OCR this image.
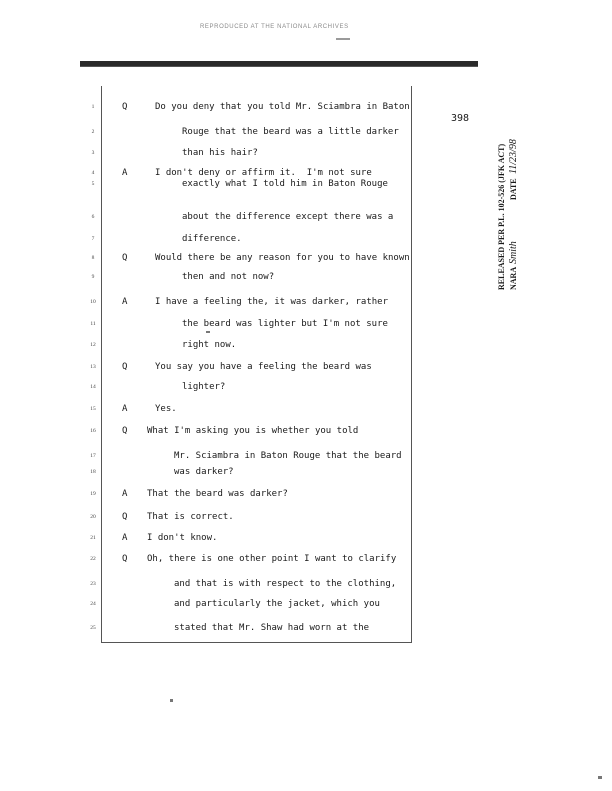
REPRODUCED AT THE NATIONAL ARCHIVES
398
1	Q	Do you deny that you told Mr. Sciambra in Baton
2	Rouge that the beard was a little darker
3	than his hair?
4	A	I don't deny or affirm it.  I'm not sure
5	exactly what I told him in Baton Rouge
6	about the difference except there was a
7	difference.
8	Q	Would there be any reason for you to have known
9	then and not now?
10	A	I have a feeling the, it was darker, rather
11	the beard was lighter but I'm not sure
12	right now.
13	Q	You say you have a feeling the beard was
14	lighter?
15	A	Yes.
16	Q What I'm asking you is whether you told
17	Mr. Sciambra in Baton Rouge that the beard
18	was darker?
19	A That the beard was darker?
20	Q That is correct.
21	A I don't know.
22	Q Oh, there is one other point I want to clarify
23	and that is with respect to the clothing,
24	and particularly the jacket, which you
25	stated that Mr. Shaw had worn at the
RELEASED PER P.L. 102-526 (JFK ACT) NARA
Smith
DATE
11/23/98
